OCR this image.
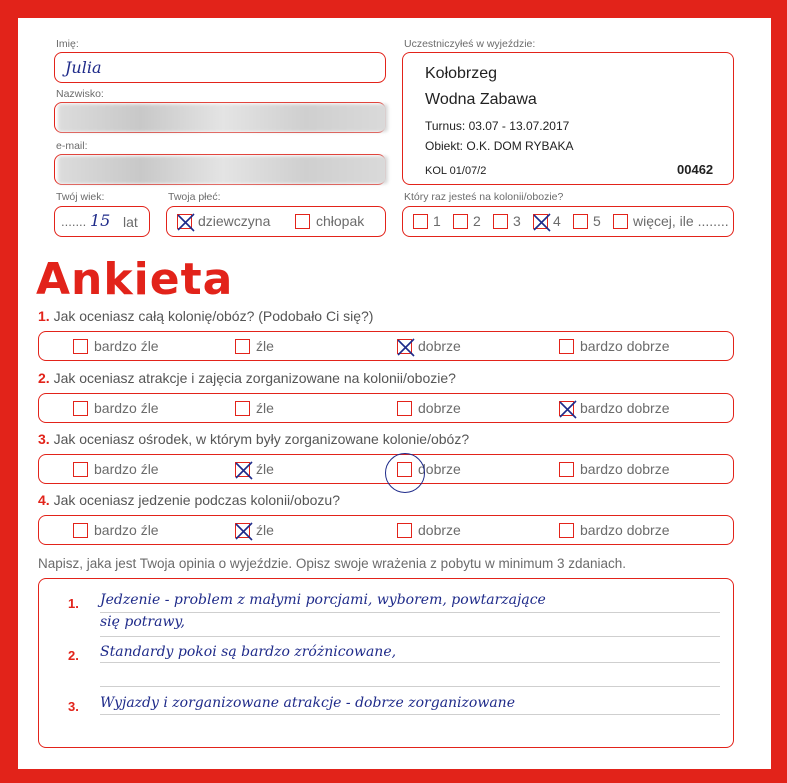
Imię:
Julia
Nazwisko:
e-mail:
Twój wiek:
....... 15 lat
Twoja płeć:
dziewczyna	chłopak
Uczestniczyłeś w wyjeździe:
Kołobrzeg
Wodna Zabawa
Turnus: 03.07 - 13.07.2017
Obiekt: O.K. DOM RYBAKA
KOL 01/07/2	00462
Który raz jesteś na kolonii/obozie?
1 2 3 4 5 więcej, ile ........
Ankieta
1. Jak oceniasz całą kolonię/obóz? (Podobało Ci się?)
bardzo źle	źle	dobrze	bardzo dobrze
2. Jak oceniasz atrakcje i zajęcia zorganizowane na kolonii/obozie?
bardzo źle	źle	dobrze	bardzo dobrze
3. Jak oceniasz ośrodek, w którym były zorganizowane kolonie/obóz?
bardzo źle	źle	dobrze	bardzo dobrze
4. Jak oceniasz jedzenie podczas kolonii/obozu?
bardzo źle	źle	dobrze	bardzo dobrze
Napisz, jaka jest Twoja opinia o wyjeździe. Opisz swoje wrażenia z pobytu w minimum 3 zdaniach.
1. Jedzenie - problem z małymi porcjami, wyborem, powtarzające
się potrawy,
2. Standardy pokoi są bardzo zróżnicowane,
3. Wyjazdy i zorganizowane atrakcje - dobrze zorganizowane
